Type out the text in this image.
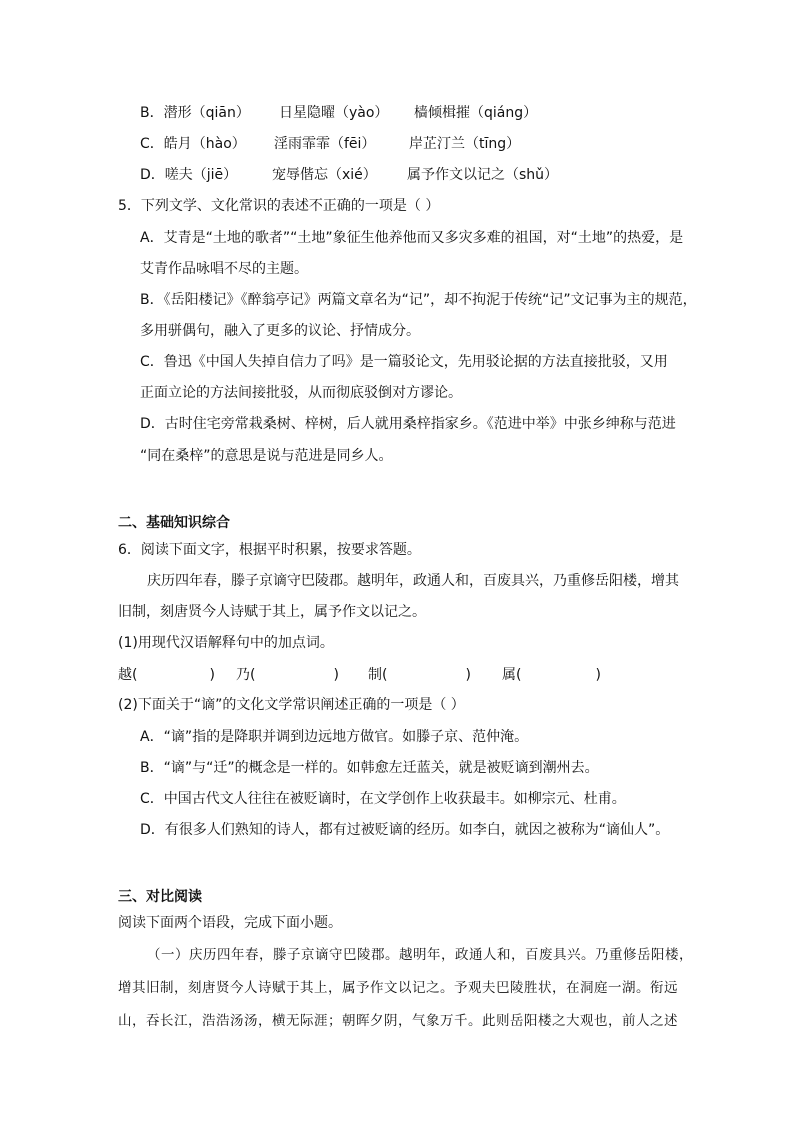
B．潜形（qiān） 日星隐曜（yào） 樯倾楫摧（qiáng）
C．皓月（hào） 淫雨霏霏（fēi） 岸芷汀兰（tīng）
D．嗟夫（jiē） 宠辱偕忘（xié） 属予作文以记之（shǔ）
5．下列文学、文化常识的表述不正确的一项是（ ）
A．艾青是“土地的歌者”“土地”象征生他养他而又多灾多难的祖国，对“土地”的热爱，是
艾青作品咏唱不尽的主题。
B．《岳阳楼记》《醉翁亭记》两篇文章名为“记”，却不拘泥于传统“记”文记事为主的规范，
多用骈偶句，融入了更多的议论、抒情成分。
C．鲁迅《中国人失掉自信力了吗》是一篇驳论文，先用驳论据的方法直接批驳，又用
正面立论的方法间接批驳，从而彻底驳倒对方谬论。
D．古时住宅旁常栽桑树、梓树，后人就用桑梓指家乡。《范进中举》中张乡绅称与范进
“同在桑梓”的意思是说与范进是同乡人。
二、基础知识综合
6．阅读下面文字，根据平时积累，按要求答题。
庆历四年春，滕子京谪守巴陵郡。越明年，政通人和，百废具兴，乃重修岳阳楼，增其
旧制，刻唐贤今人诗赋于其上，属予作文以记之。
(1)用现代汉语解释句中的加点词。
越(	) 乃(	) 制(	) 属(	)
(2)下面关于“谪”的文化文学常识阐述正确的一项是（ ）
A．“谪”指的是降职并调到边远地方做官。如滕子京、范仲淹。
B．“谪”与“迁”的概念是一样的。如韩愈左迁蓝关，就是被贬谪到潮州去。
C．中国古代文人往往在被贬谪时，在文学创作上收获最丰。如柳宗元、杜甫。
D．有很多人们熟知的诗人，都有过被贬谪的经历。如李白，就因之被称为“谪仙人”。
三、对比阅读
阅读下面两个语段，完成下面小题。
（一）庆历四年春，滕子京谪守巴陵郡。越明年，政通人和，百废具兴。乃重修岳阳楼，
增其旧制，刻唐贤今人诗赋于其上，属予作文以记之。予观夫巴陵胜状，在洞庭一湖。衔远
山，吞长江，浩浩汤汤，横无际涯；朝晖夕阴，气象万千。此则岳阳楼之大观也，前人之述
